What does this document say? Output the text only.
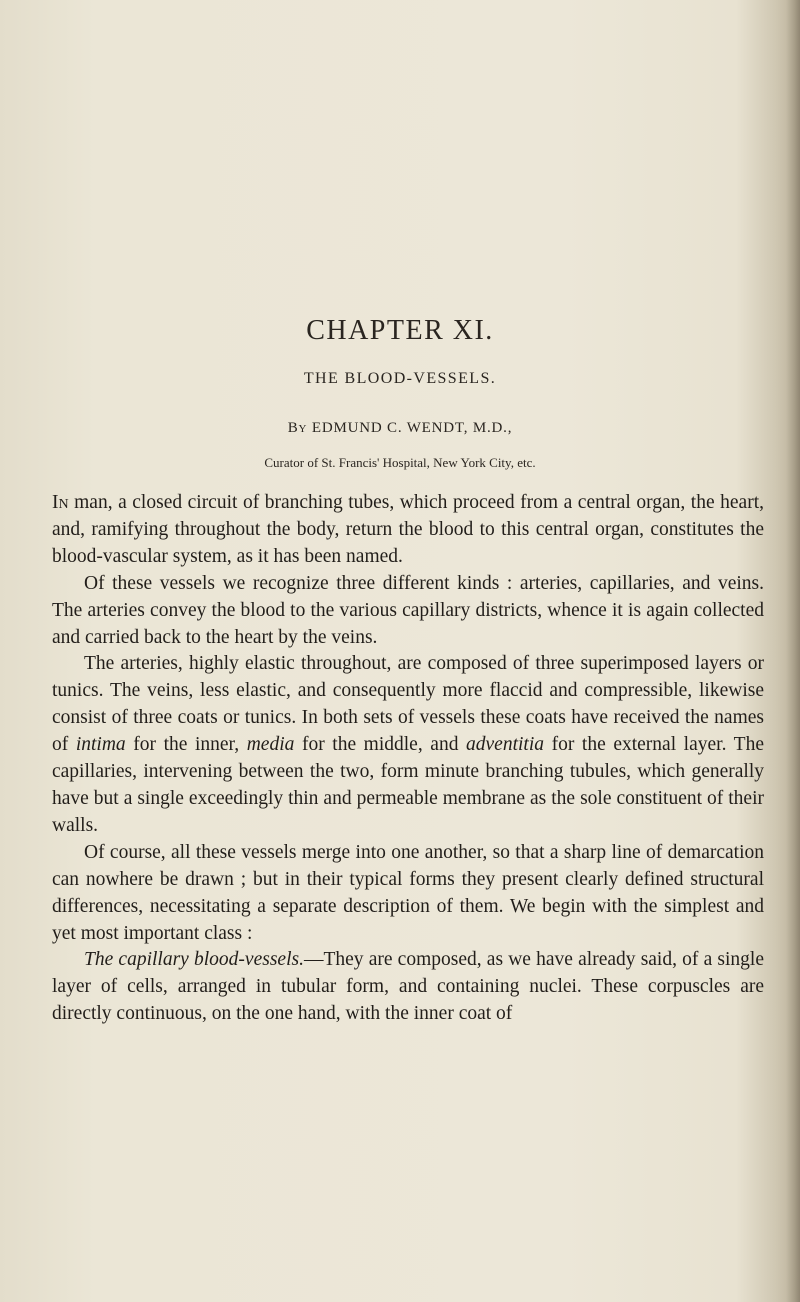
CHAPTER XI.
THE BLOOD-VESSELS.
By EDMUND C. WENDT, M.D.,
Curator of St. Francis' Hospital, New York City, etc.

In man, a closed circuit of branching tubes, which proceed from a central organ, the heart, and, ramifying throughout the body, return the blood to this central organ, constitutes the blood-vascular system, as it has been named.

Of these vessels we recognize three different kinds : arteries, capillaries, and veins. The arteries convey the blood to the various capillary districts, whence it is again collected and carried back to the heart by the veins.

The arteries, highly elastic throughout, are composed of three superimposed layers or tunics. The veins, less elastic, and consequently more flaccid and compressible, likewise consist of three coats or tunics. In both sets of vessels these coats have received the names of intima for the inner, media for the middle, and adventitia for the external layer. The capillaries, intervening between the two, form minute branching tubules, which generally have but a single exceedingly thin and permeable membrane as the sole constituent of their walls.

Of course, all these vessels merge into one another, so that a sharp line of demarcation can nowhere be drawn ; but in their typical forms they present clearly defined structural differences, necessitating a separate description of them. We begin with the simplest and yet most important class :

The capillary blood-vessels.—They are composed, as we have already said, of a single layer of cells, arranged in tubular form, and containing nuclei. These corpuscles are directly continuous, on the one hand, with the inner coat of
